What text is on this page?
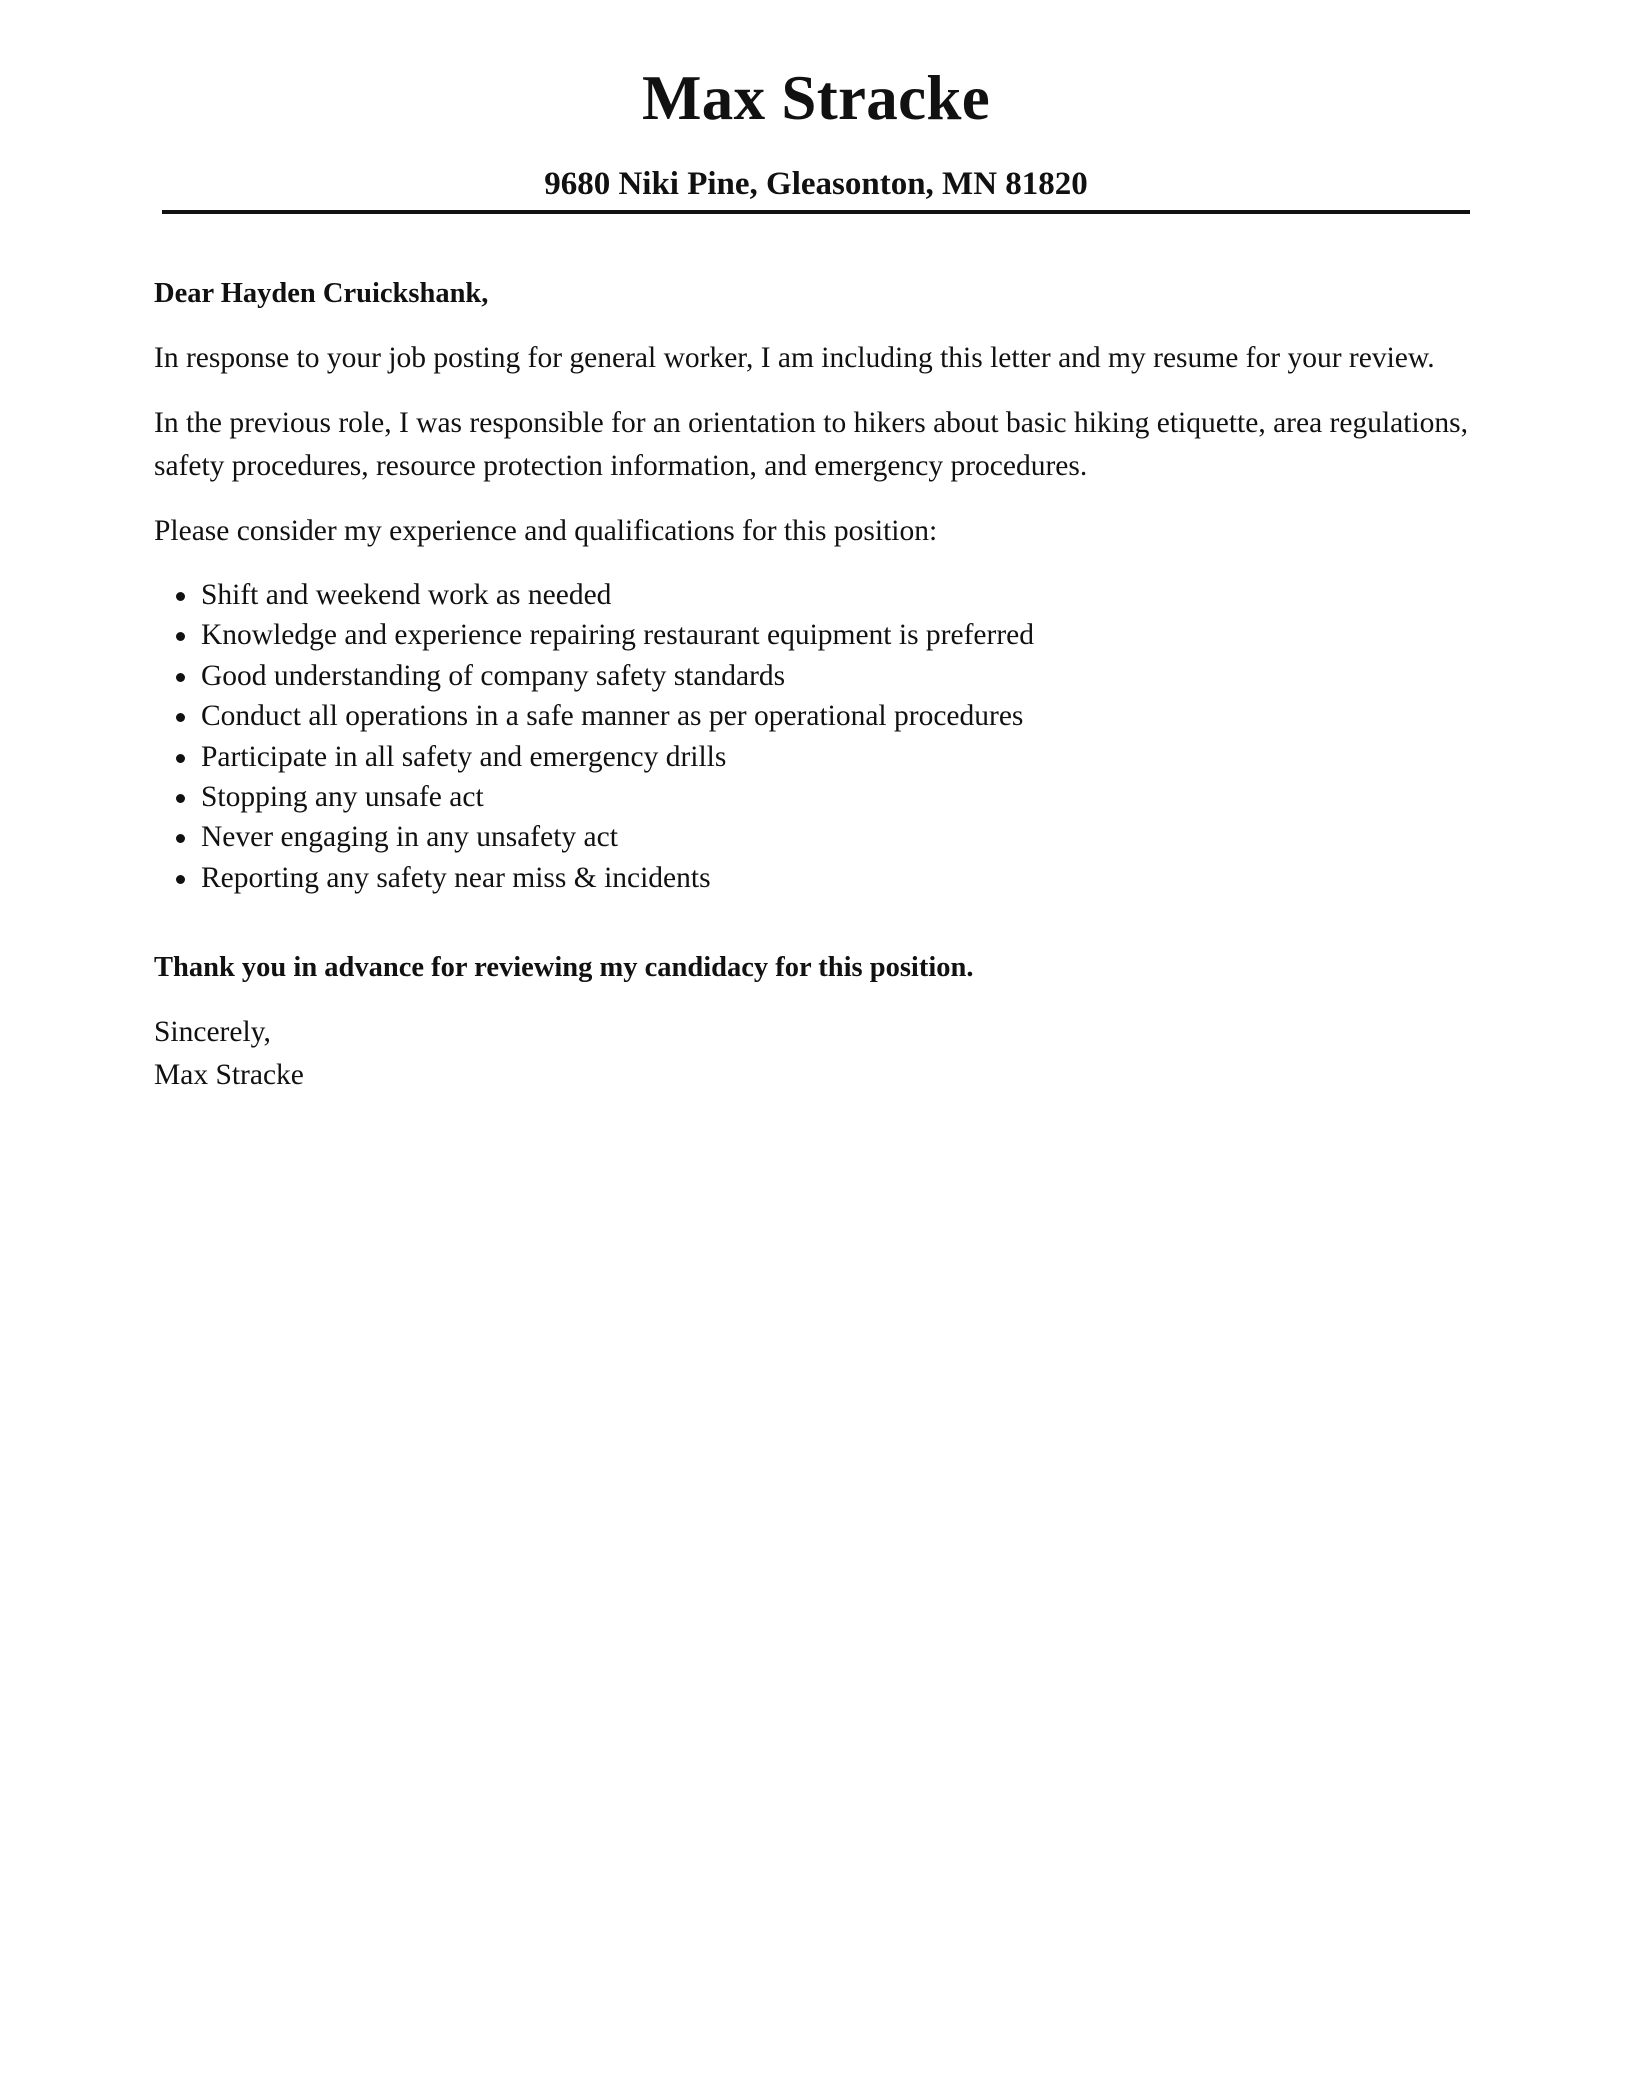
Max Stracke
9680 Niki Pine, Gleasonton, MN 81820

Dear Hayden Cruickshank,

In response to your job posting for general worker, I am including this letter and my resume for your review.

In the previous role, I was responsible for an orientation to hikers about basic hiking etiquette, area regulations, safety procedures, resource protection information, and emergency procedures.

Please consider my experience and qualifications for this position:

Shift and weekend work as needed
Knowledge and experience repairing restaurant equipment is preferred
Good understanding of company safety standards
Conduct all operations in a safe manner as per operational procedures
Participate in all safety and emergency drills
Stopping any unsafe act
Never engaging in any unsafety act
Reporting any safety near miss & incidents

Thank you in advance for reviewing my candidacy for this position.

Sincerely,

Max Stracke
